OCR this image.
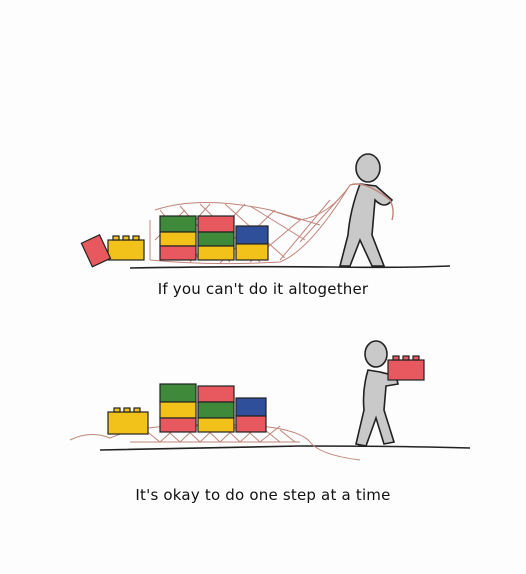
If you can't do it altogether
It's okay to do one step at a time
